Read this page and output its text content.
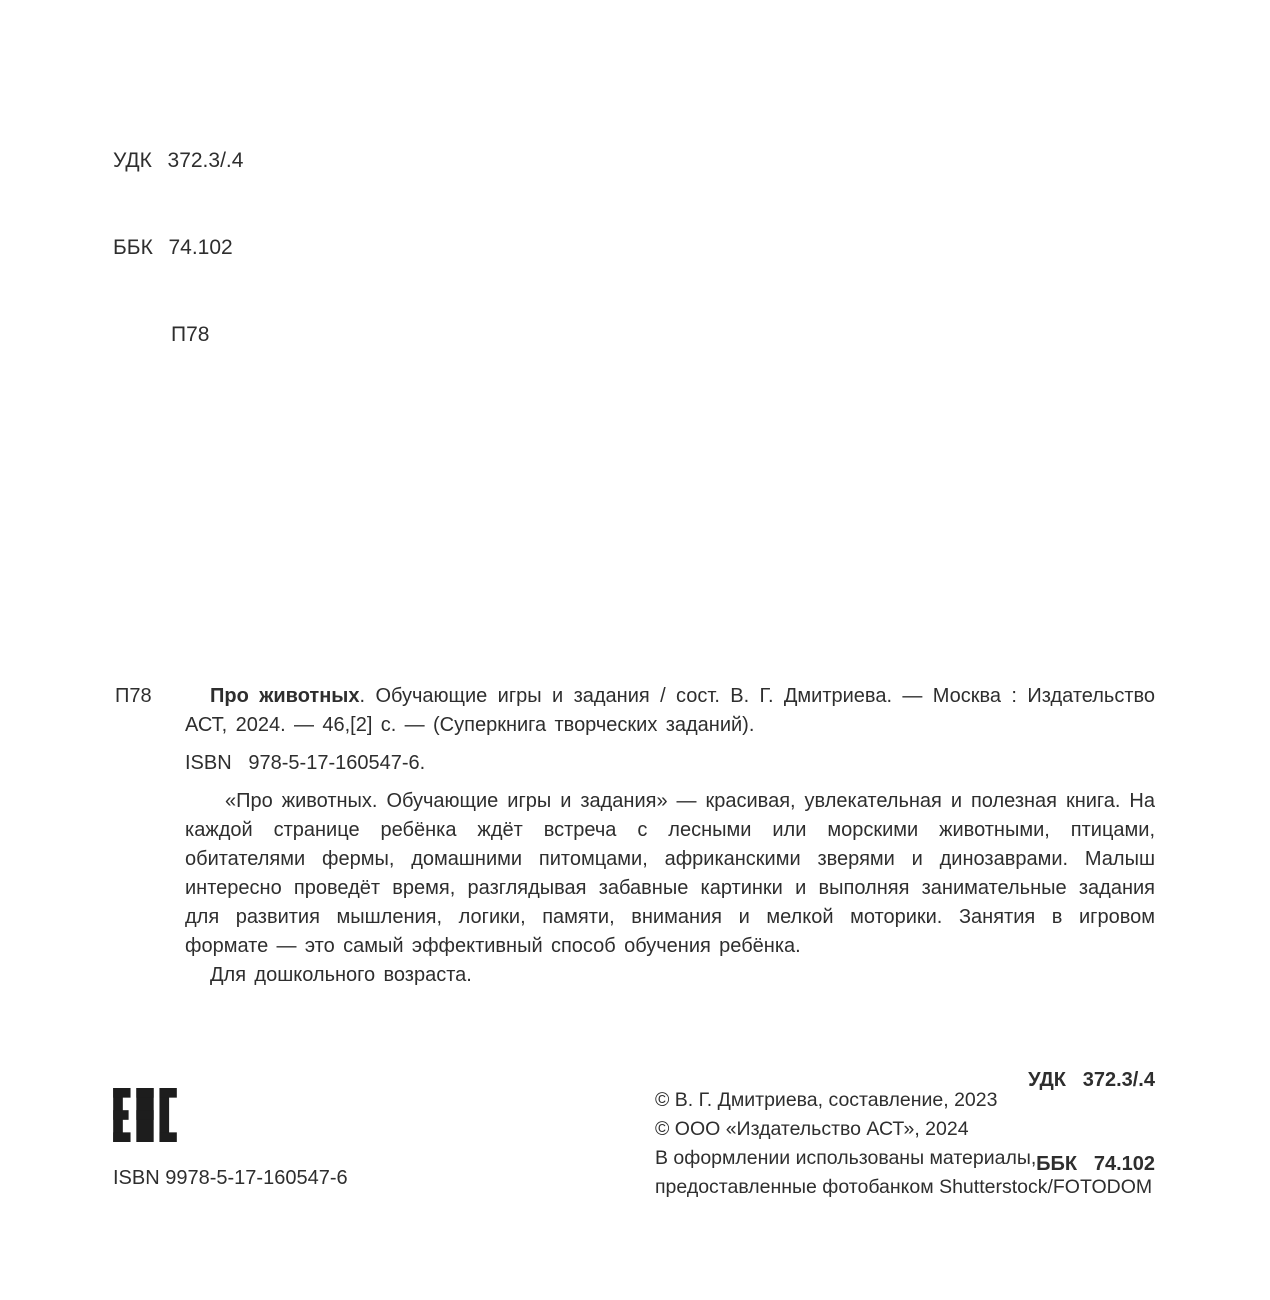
УДК  372.3/.4

ББК  74.102

П78

П78	Про животных. Обучающие игры и задания / сост. В. Г. Дмитриева. — Москва : Издательство АСТ, 2024. — 46,[2] с. — (Суперкнига творческих заданий).

ISBN  978-5-17-160547-6.

«Про животных. Обучающие игры и задания» — красивая, увлекательная и полезная книга. На каждой странице ребёнка ждёт встреча с лесными или морскими животными, птицами, обитателями фермы, домашними питомцами, африканскими зверями и динозаврами. Малыш интересно проведёт время, разглядывая забавные картинки и выполняя занимательные задания для развития мышления, логики, памяти, внимания и мелкой моторики. Занятия в игровом формате — это самый эффективный способ обучения ребёнка.

Для дошкольного возраста.

УДК  372.3/.4

ББК  74.102

ISBN 9978-5-17-160547-6
© В. Г. Дмитриева, составление, 2023
© ООО «Издательство АСТ», 2024
В оформлении использованы материалы,
предоставленные фотобанком Shutterstock/FOTODOM
